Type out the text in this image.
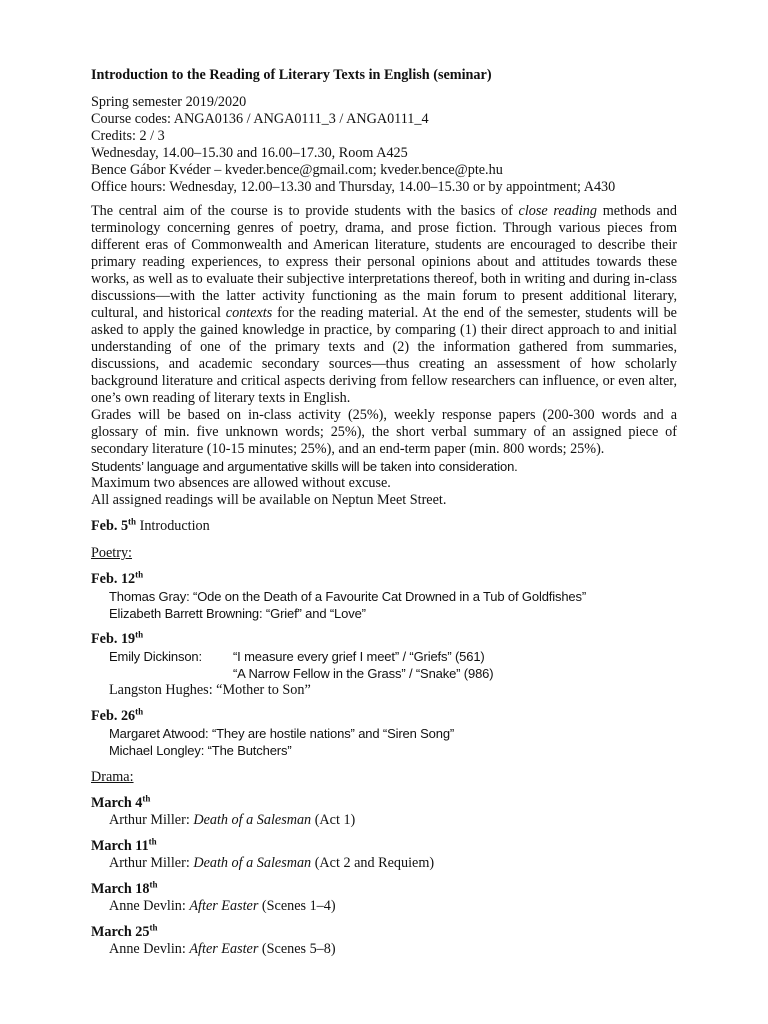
Introduction to the Reading of Literary Texts in English (seminar)
Spring semester 2019/2020
Course codes: ANGA0136 / ANGA0111_3 / ANGA0111_4
Credits: 2 / 3
Wednesday, 14.00–15.30 and 16.00–17.30, Room A425
Bence Gábor Kvéder – kveder.bence@gmail.com; kveder.bence@pte.hu
Office hours: Wednesday, 12.00–13.30 and Thursday, 14.00–15.30 or by appointment; A430

The central aim of the course is to provide students with the basics of close reading methods and terminology concerning genres of poetry, drama, and prose fiction. Through various pieces from different eras of Commonwealth and American literature, students are encouraged to describe their primary reading experiences, to express their personal opinions about and attitudes towards these works, as well as to evaluate their subjective interpretations thereof, both in writing and during in-class discussions—with the latter activity functioning as the main forum to present additional literary, cultural, and historical contexts for the reading material. At the end of the semester, students will be asked to apply the gained knowledge in practice, by comparing (1) their direct approach to and initial understanding of one of the primary texts and (2) the information gathered from summaries, discussions, and academic secondary sources—thus creating an assessment of how scholarly background literature and critical aspects deriving from fellow researchers can influence, or even alter, one’s own reading of literary texts in English.

Grades will be based on in-class activity (25%), weekly response papers (200-300 words and a glossary of min. five unknown words; 25%), the short verbal summary of an assigned piece of secondary literature (10-15 minutes; 25%), and an end-term paper (min. 800 words; 25%).

Students’ language and argumentative skills will be taken into consideration.
Maximum two absences are allowed without excuse.
All assigned readings will be available on Neptun Meet Street.
Feb. 5th Introduction
Poetry:
Feb. 12th
Thomas Gray: “Ode on the Death of a Favourite Cat Drowned in a Tub of Goldfishes”
Elizabeth Barrett Browning: “Grief” and “Love”
Feb. 19th
Emily Dickinson: “I measure every grief I meet” / “Griefs” (561)
“A Narrow Fellow in the Grass” / “Snake” (986)
Langston Hughes: “Mother to Son”
Feb. 26th
Margaret Atwood: “They are hostile nations” and “Siren Song”
Michael Longley: “The Butchers”
Drama:
March 4th
Arthur Miller: Death of a Salesman (Act 1)
March 11th
Arthur Miller: Death of a Salesman (Act 2 and Requiem)
March 18th
Anne Devlin: After Easter (Scenes 1–4)
March 25th
Anne Devlin: After Easter (Scenes 5–8)
